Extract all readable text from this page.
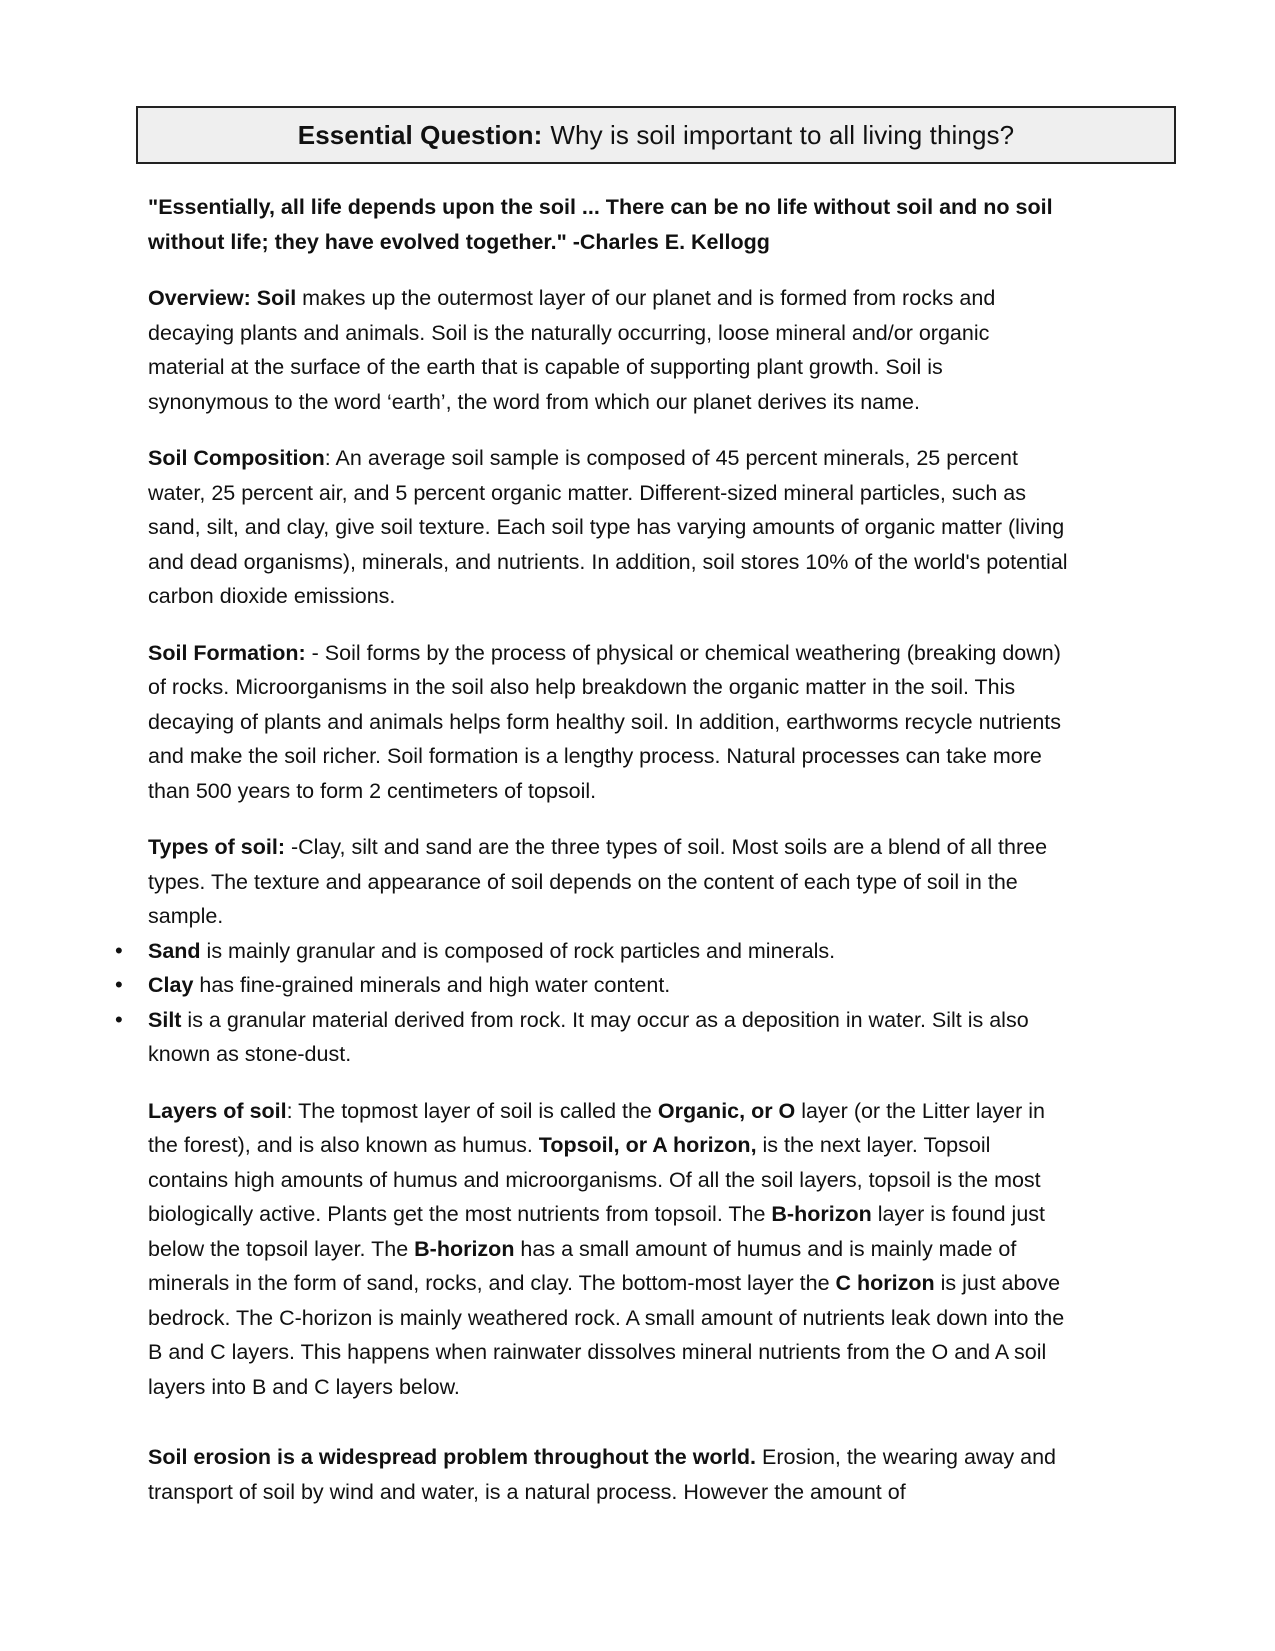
Essential Question: Why is soil important to all living things?

"Essentially, all life depends upon the soil ... There can be no life without soil and no soil without life; they have evolved together." -Charles E. Kellogg

Overview: Soil makes up the outermost layer of our planet and is formed from rocks and decaying plants and animals. Soil is the naturally occurring, loose mineral and/or organic material at the surface of the earth that is capable of supporting plant growth. Soil is synonymous to the word ‘earth’, the word from which our planet derives its name.

Soil Composition: An average soil sample is composed of 45 percent minerals, 25 percent water, 25 percent air, and 5 percent organic matter. Different-sized mineral particles, such as sand, silt, and clay, give soil texture. Each soil type has varying amounts of organic matter (living and dead organisms), minerals, and nutrients. In addition, soil stores 10% of the world's potential carbon dioxide emissions.

Soil Formation: - Soil forms by the process of physical or chemical weathering (breaking down) of rocks. Microorganisms in the soil also help breakdown the organic matter in the soil. This decaying of plants and animals helps form healthy soil. In addition, earthworms recycle nutrients and make the soil richer. Soil formation is a lengthy process. Natural processes can take more than 500 years to form 2 centimeters of topsoil.

Types of soil: -Clay, silt and sand are the three types of soil. Most soils are a blend of all three types. The texture and appearance of soil depends on the content of each type of soil in the sample.

• Sand is mainly granular and is composed of rock particles and minerals.
• Clay has fine-grained minerals and high water content.
• Silt is a granular material derived from rock. It may occur as a deposition in water. Silt is also known as stone-dust.

Layers of soil: The topmost layer of soil is called the Organic, or O layer (or the Litter layer in the forest), and is also known as humus. Topsoil, or A horizon, is the next layer. Topsoil contains high amounts of humus and microorganisms. Of all the soil layers, topsoil is the most biologically active. Plants get the most nutrients from topsoil. The B-horizon layer is found just below the topsoil layer. The B-horizon has a small amount of humus and is mainly made of minerals in the form of sand, rocks, and clay. The bottom-most layer the C horizon is just above bedrock. The C-horizon is mainly weathered rock. A small amount of nutrients leak down into the B and C layers. This happens when rainwater dissolves mineral nutrients from the O and A soil layers into B and C layers below.

Soil erosion is a widespread problem throughout the world. Erosion, the wearing away and transport of soil by wind and water, is a natural process. However the amount of
